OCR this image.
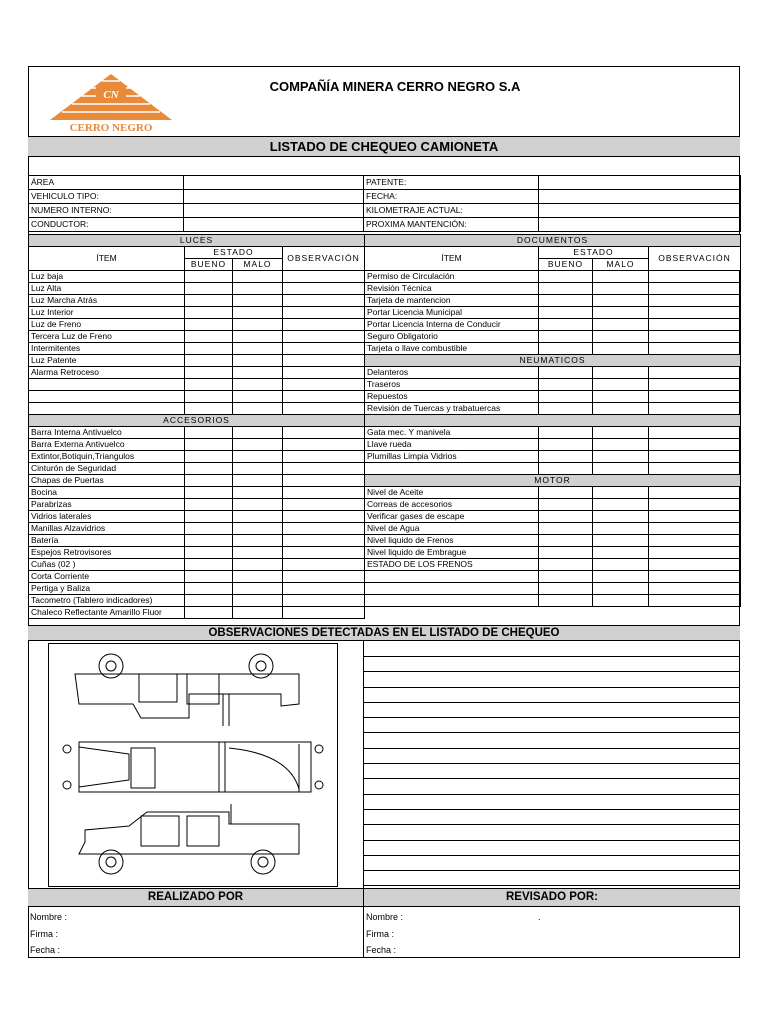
CN
CERRO NEGRO
COMPAÑÍA MINERA CERRO NEGRO S.A
LISTADO DE CHEQUEO CAMIONETA
ÁREA		PATENTE:	
VEHICULO TIPO:		FECHA:	
NUMERO INTERNO:		KILOMETRAJE ACTUAL:	
CONDUCTOR:		PROXIMA MANTENCIÓN:	
LUCES			
ÍTEM	ESTADO		OBSERVACIÓN
	BUENO	MALO	
Luz baja			
Luz Alta			
Luz Marcha Atrás			
Luz Interior			
Luz de Freno			
Tercera Luz de Freno			
Intermitentes			
Luz Patente			
Alarma Retroceso			

ACCESORIOS			
Barra Interna Antivuelco			
Barra Externa Antivuelco			
Extintor,Botiquin,Triangulos			
Cinturón de Seguridad			
Chapas de Puertas			
Bocina			
Parabrizas			
Vidrios laterales			
Manillas Alzavidrios			
Batería			
Espejos Retrovisores			
Cuñas (02 )			
Corta Corriente			
Pertiga y Baliza			
Tacometro (Tablero indicadores)			
Chaleco Reflectante Amarillo Fluor			
DOCUMENTOS			
ÍTEM	ESTADO		OBSERVACIÓN
	BUENO	MALO	
Permiso de Circulación			
Revisión Técnica			
Tarjeta de mantencion			
Portar Licencia Municipal			
Portar Licencia Interna de Conducir			
Seguro Obligatorio			
Tarjeta o llave combustible			
NEUMATICOS			
Delanteros			
Traseros			
Repuestos			
Revisión de Tuercas y trabatuercas			

Gata mec. Y manivela			
Llave rueda			
Plumillas Limpia Vidrios			

MOTOR			
Nivel de Aceite			
Correas de accesorios			
Verificar gases de escape			
Nivel de Agua			
Nivel liquido de Frenos			
Nivel liquido de Embrague			
ESTADO DE LOS FRENOS			

OBSERVACIONES DETECTADAS EN EL LISTADO DE CHEQUEO
REALIZADO POR	REVISADO POR:
Nombre :
Firma :
Fecha :
Nombre :	.
Firma :
Fecha :
